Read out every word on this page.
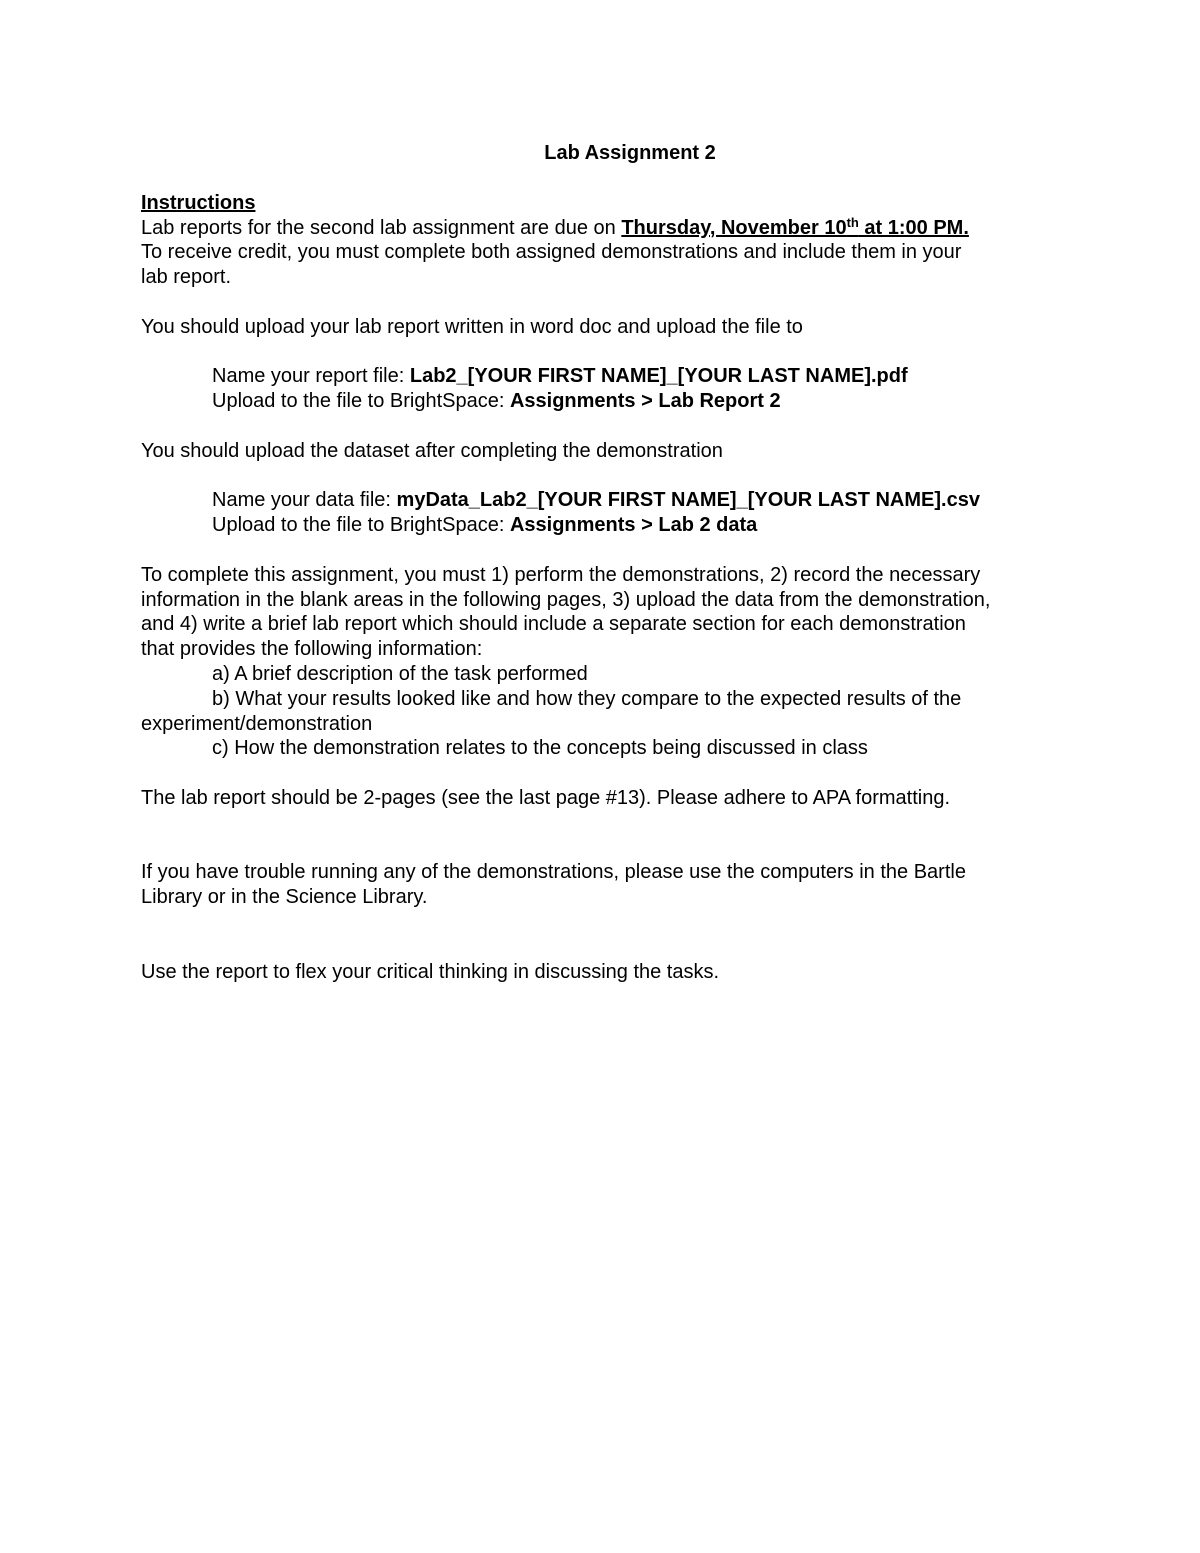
Lab Assignment 2

Instructions

Lab reports for the second lab assignment are due on Thursday, November 10th at 1:00 PM.

To receive credit, you must complete both assigned demonstrations and include them in your

lab report.

You should upload your lab report written in word doc and upload the file to

Name your report file: Lab2_[YOUR FIRST NAME]_[YOUR LAST NAME].pdf

Upload to the file to BrightSpace: Assignments > Lab Report 2

You should upload the dataset after completing the demonstration

Name your data file: myData_Lab2_[YOUR FIRST NAME]_[YOUR LAST NAME].csv

Upload to the file to BrightSpace: Assignments > Lab 2 data

To complete this assignment, you must 1) perform the demonstrations, 2) record the necessary

information in the blank areas in the following pages, 3) upload the data from the demonstration,

and 4) write a brief lab report which should include a separate section for each demonstration

that provides the following information:

a) A brief description of the task performed

b) What your results looked like and how they compare to the expected results of the

experiment/demonstration

c) How the demonstration relates to the concepts being discussed in class

The lab report should be 2-pages (see the last page #13). Please adhere to APA formatting.

If you have trouble running any of the demonstrations, please use the computers in the Bartle

Library or in the Science Library.

Use the report to flex your critical thinking in discussing the tasks.
